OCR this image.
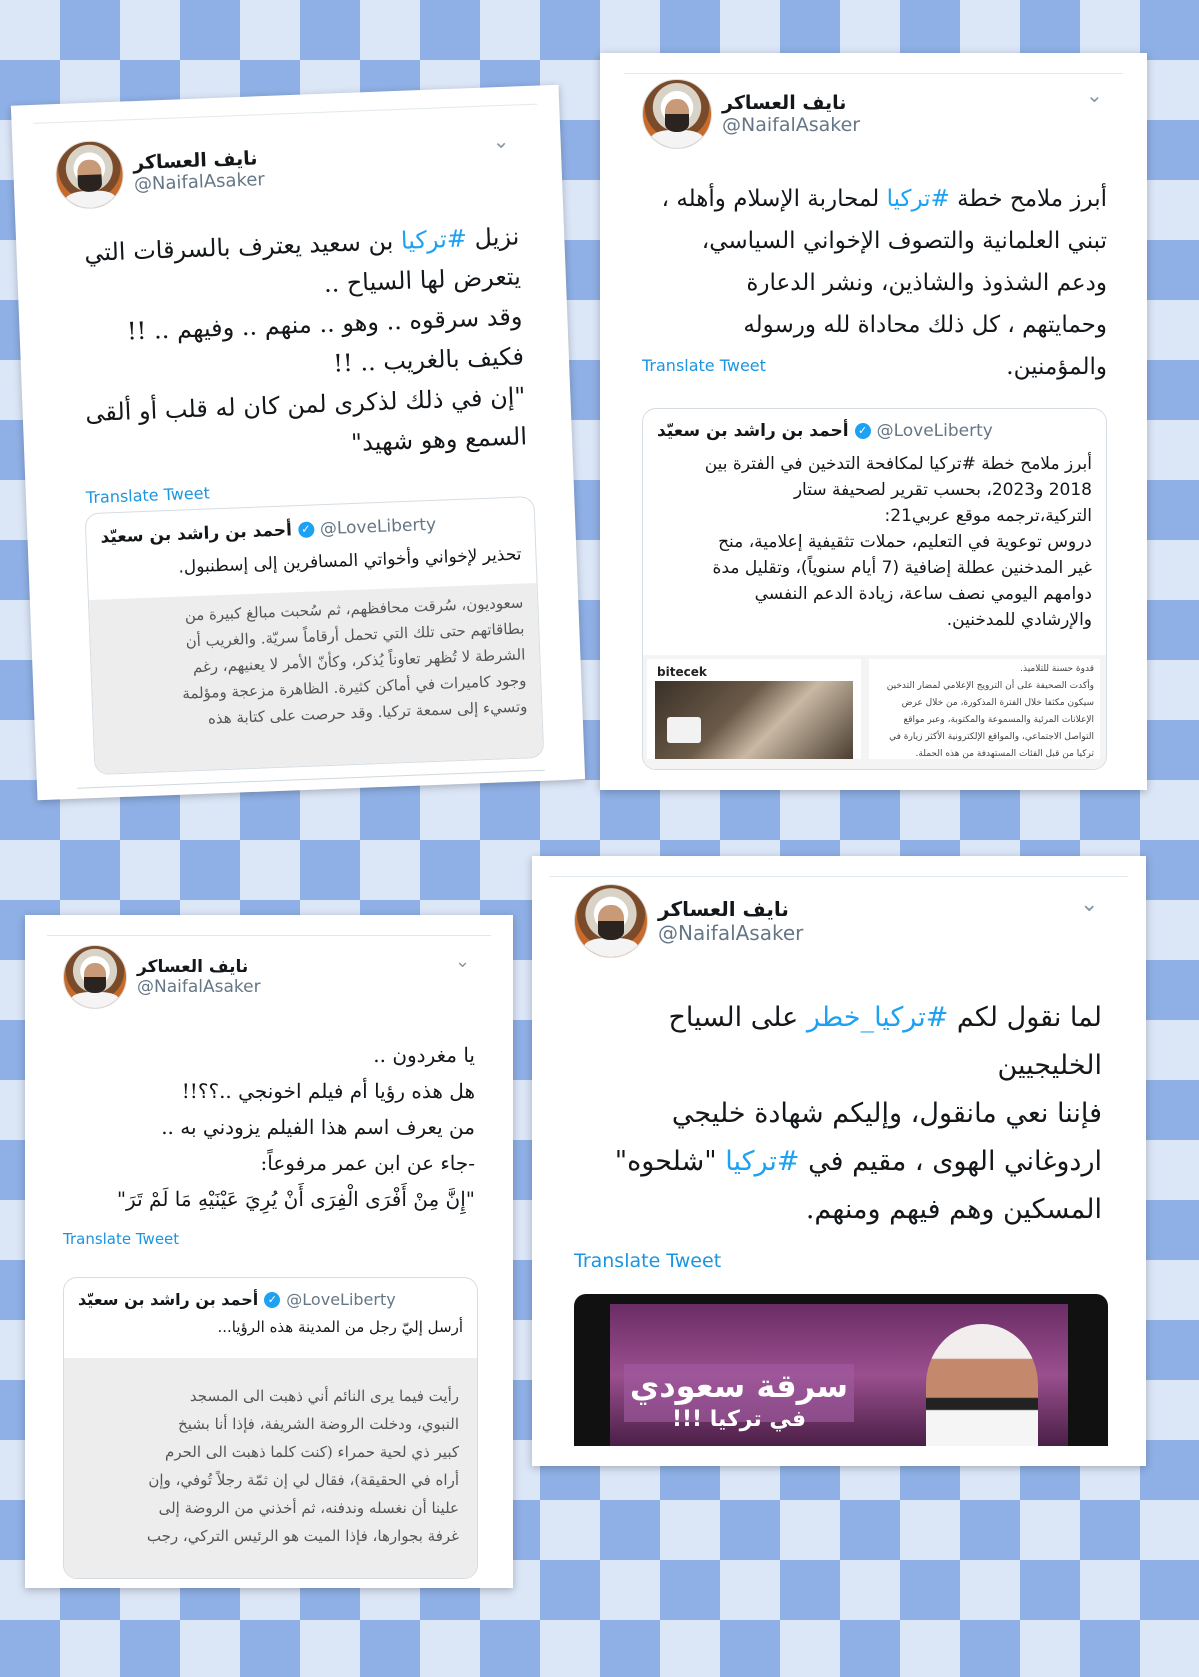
نايف العساكر
@NaifalAsaker
⌄

نزيل #تركيا بن سعيد يعترف بالسرقات التي

يتعرض لها السياح ..

وقد سرقوه .. وهو .. منهم .. وفيهم .. !!

فكيف بالغريب .. !!

"إن في ذلك لذكرى لمن كان له قلب أو ألقى

السمع وهو شهيد"

Translate Tweet
أحمد بن راشد بن سعيّد ✓ @LoveLiberty
تحذير لإخواني وأخواتي المسافرين إلى إسطنبول.
سعوديون، سُرقت محافظهم، ثم سُحبت مبالغ كبيرة من
بطاقاتهم حتى تلك التي تحمل أرقاماً سريّة. والغريب أن
الشرطة لا تُظهر تعاوناً يُذكر، وكأنّ الأمر لا يعنيهم، رغم
وجود كاميرات في أماكن كثيرة. الظاهرة مزعجة ومؤلمة
وتسيء إلى سمعة تركيا. وقد حرصت على كتابة هذه
نايف العساكر
@NaifalAsaker
⌄

أبرز ملامح خطة #تركيا لمحاربة الإسلام وأهله ،

تبني العلمانية والتصوف الإخواني السياسي،

ودعم الشذوذ والشاذين، ونشر الدعارة

وحمايتهم ، كل ذلك محاداة لله ورسوله والمؤمنين.

Translate Tweet
أحمد بن راشد بن سعيّد ✓ @LoveLiberty
أبرز ملامح خطة #تركيا لمكافحة التدخين في الفترة بين
2018 و2023، بحسب تقرير لصحيفة ستار
التركية،ترجمه موقع عربي21:
دروس توعوية في التعليم، حملات تثقيفية إعلامية، منح
غير المدخنين عطلة إضافية (7 أيام سنوياً)، وتقليل مدة
دوامهم اليومي نصف ساعة، زيادة الدعم النفسي
والإرشادي للمدخنين.
bitecek	قدوة حسنة للتلاميذ.
وأكدت الصحيفة على أن الترويج الإعلامي لمضار التدخين
سيكون مكثفا خلال الفترة المذكورة، من خلال عرض
الإعلانات المرئية والمسموعة والمكتوبة، وعبر مواقع
التواصل الاجتماعي، والمواقع الإلكترونية الأكثر زيارة في
تركيا من قبل الفئات المستهدفة من هذه الحملة.
نايف العساكر
@NaifalAsaker
⌄

يا مغردون ..

هل هذه رؤيا أم فيلم اخونجي ..؟؟!!

من يعرف اسم هذا الفيلم يزودني به ..

-جاء عن ابن عمر مرفوعاً:

"إِنَّ مِنْ أَفْرَى الْفِرَى أَنْ يُرِيَ عَيْنَيْهِ مَا لَمْ تَرَ"

Translate Tweet
أحمد بن راشد بن سعيّد ✓ @LoveLiberty
أرسل إليّ رجل من المدينة هذه الرؤيا...
رأيت فيما يرى النائم أني ذهبت الى المسجد
النبوي، ودخلت الروضة الشريفة، فإذا أنا بشيخ
كبير ذي لحية حمراء (كنت كلما ذهبت الى الحرم
أراه في الحقيقة)، فقال لي إن ثمّة رجلاً تُوفي، وإن
علينا أن نغسله وندفنه، ثم أخذني من الروضة إلى
غرفة بجوارها، فإذا الميت هو الرئيس التركي، رجب
نايف العساكر
@NaifalAsaker
⌄

لما نقول لكم #تركيا_خطر على السياح

الخليجيين

فإننا نعي مانقول، وإليكم شهادة خليجي

اردوغاني الهوى ، مقيم في #تركيا "شلحوه"

المسكين وهم فيهم ومنهم.

Translate Tweet
سرقة سعودي
في تركيا !!!
